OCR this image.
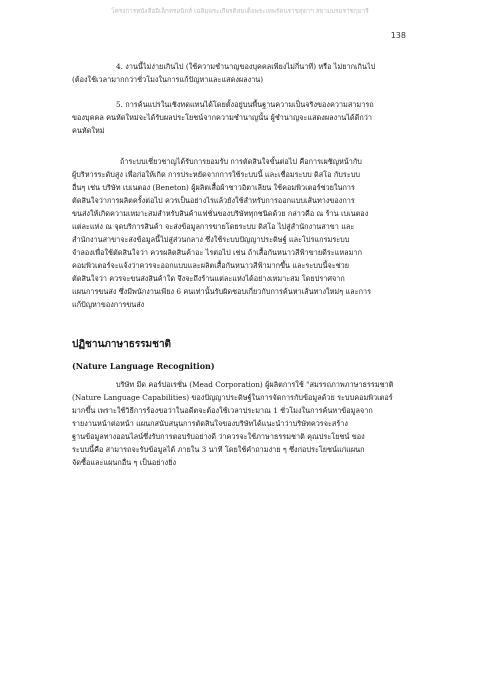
โครงการหนังสืออิเล็กทรอนิกส์ เฉลิมพระเกียรติสมเด็จพระเทพรัตนราชสุดาฯ สยามบรมราชกุมารี
138

4. งานนี้ไม่ง่ายเกินไป (ใช้ความชำนาญของบุคคลเพียงไม่กี่นาที) หรือ ไม่ยากเกินไป
(ต้องใช้เวลามากกว่าชั่วโมงในการแก้ปัญหาและแสดงผลงาน)

5. การค้นแปรในเชิงทดแทนได้โดยตั้งอยู่บนพื้นฐานความเป็นจริงของความสามารถ
ของบุคคล คนหัดใหม่จะได้รับผลประโยชน์จากความชำนาญนั้น ผู้ชำนาญจะแสดงผลงานได้ดีกว่า
คนหัดใหม่

ถ้าระบบเชี่ยวชาญได้รับการยอมรับ การตัดสินใจขั้นต่อไป คือการเผชิญหน้ากับ
ผู้บริหารระดับสูง เพื่อก่อให้เกิด การประหยัดจากการใช้ระบบนี้ และเชื่อมระบบ ดิสโอ กับระบบ
อื่นๆ เช่น บริษัท เบเนตอง (Beneton) ผู้ผลิตเสื้อผ้าชาวอิตาเลียน ใช้คอมพิวเตอร์ช่วยในการ
ตัดสินใจว่าการผลิตครั้งต่อไป ควรเป็นอย่างไรแล้วยังใช้สำหรับการออกแบบเส้นทางของการ
ขนส่งให้เกิดความเหมาะสมสำหรับสินค้าแฟชั่นของบริษัททุกชนิดด้วย กล่าวคือ ณ ร้าน เบเนตอง
แต่ละแห่ง ณ จุดบริการสินค้า จะส่งข้อมูลการขายโดยระบบ ดิสโอ ไปสู่สำนักงานสาขา และ
สำนักงานสาขาจะส่งข้อมูลนี้ไปสู่ส่วนกลาง ซึ่งใช้ระบบปัญญาประดิษฐ์ และโปรแกรมระบบ
จำลองเพื่อใช้ตัดสินใจว่า ควรผลิตสินค้าอะ ไรต่อไป เช่น ถ้าเสื้อกันหนาวสีฟ้าขายดีระแหลมาก
คอมพิวเตอร์จะแจ้งว่าควรจะออกแบบและผลิตเสื้อกันหนาวสีฟ้ามากขึ้น และระบบนี้จะช่วย
ตัดสินใจว่า ควรจะขนส่งสินค้าใด จึงจะถึงร้านแต่ละแห่งได้อย่างเหมาะสม โดยปราศจาก
แผนการขนส่ง ซึ่งมีพนักงานเพียง 6 คนเท่านั้นรับผิดชอบเกี่ยวกับการค้นหาเส้นทางใหม่ๆ และการ
แก้ปัญหาของการขนส่ง

ปฏิชานภาษาธรรมชาติ
(Nature Language Recognition)

บริษัท มีด คอร์ปอเรชั่น (Mead Corporation) ผู้ผลิตการใช้ "สมรรถภาพภาษาธรรมชาติ
(Nature Language Capabilities) ของปัญญาประดิษฐ์ในการจัดการกับข้อมูลด้วย ระบบคอมพิวเตอร์
มากขึ้น เพราะใช้วิธีการร้องขอว่าในอดีตจะต้องใช้เวลาประมาณ 1 ชั่วโมงในการค้นหาข้อมูลจาก
รายงานหน้าต่อหน้า แผนกสนับสนุนการตัดสินใจของบริษัทได้แนะนำว่าบริษัทควรจะสร้าง
ฐานข้อมูลทางออนไลน์ซึ่งรับการตอบรับอย่างดี ว่าควรจะใช้ภาษาธรรมชาติ คุณประโยชน์ ของ
ระบบนี้คือ สามารถจะรับข้อมูลได้ ภายใน 3 นาที โดยใช้คำถามง่าย ๆ ซึ่งก่อประโยชน์แก่แผนก
จัดซื้อและแผนกอื่น ๆ เป็นอย่างยิ่ง
